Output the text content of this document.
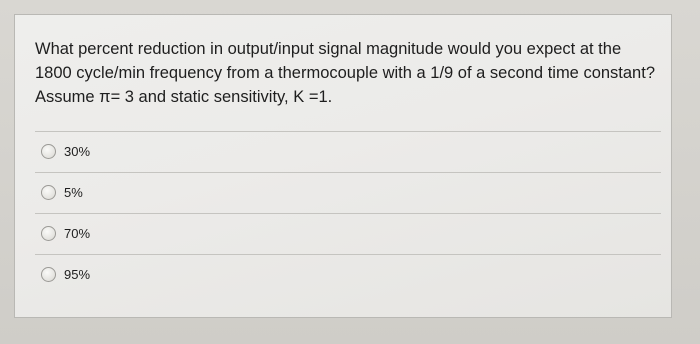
What percent reduction in output/input signal magnitude would you expect at the 1800 cycle/min frequency from a thermocouple with a 1/9 of a second time constant? Assume π= 3 and static sensitivity, K =1.

30%
5%
70%
95%
